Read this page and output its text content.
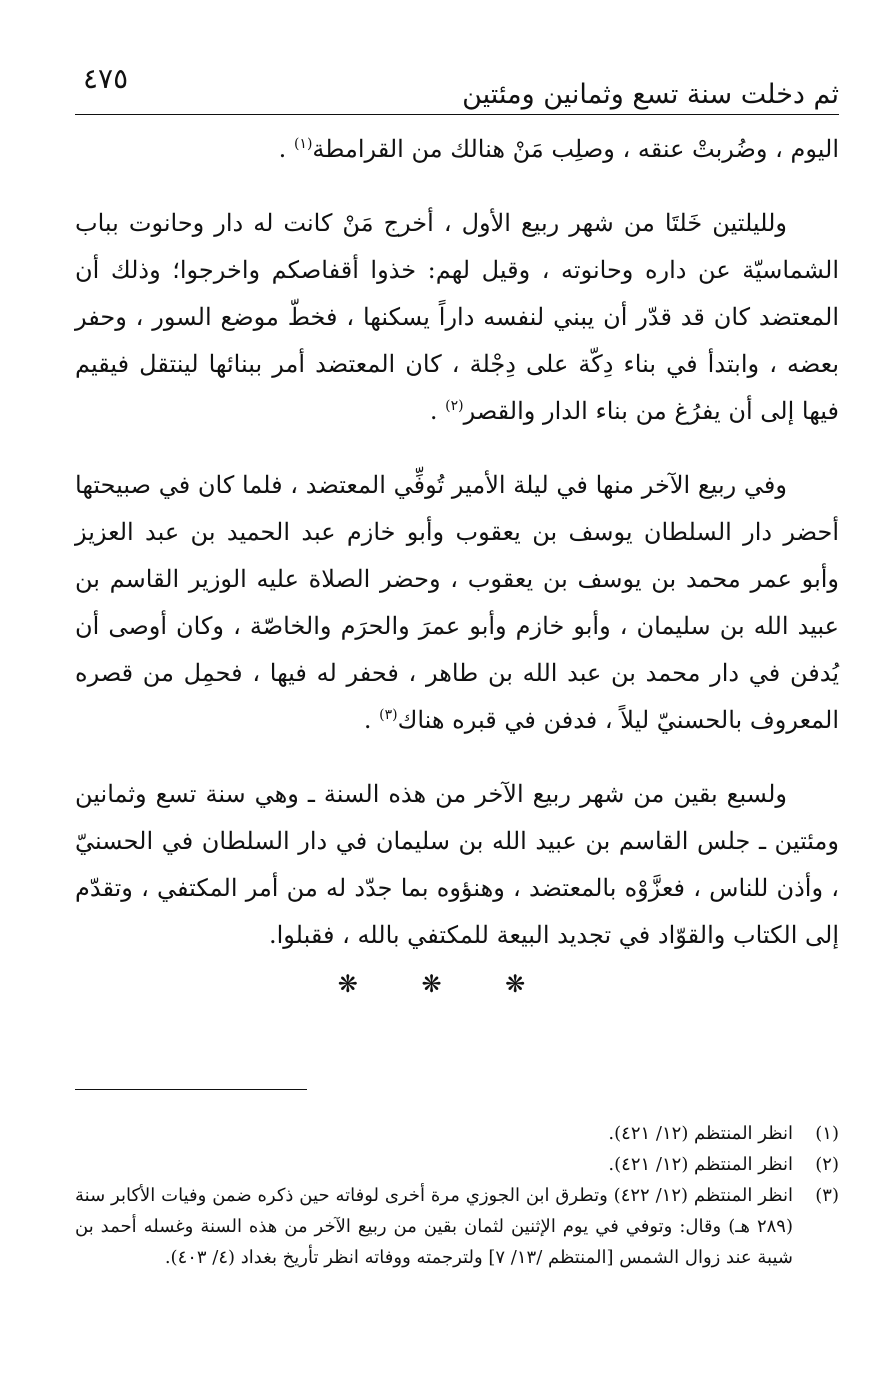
ثم دخلت سنة تسع وثمانين ومئتين
٤٧٥

اليوم ، وضُربتْ عنقه ، وصلِب مَنْ هنالك من القرامطة$^{(١)}$ .

ولليلتين خَلتَا من شهر ربيع الأول ، أخرج مَنْ كانت له دار وحانوت بباب الشماسيّة عن داره وحانوته ، وقيل لهم: خذوا أقفاصكم واخرجوا؛ وذلك أن المعتضد كان قد قدّر أن يبني لنفسه داراً يسكنها ، فخطّ موضع السور ، وحفر بعضه ، وابتدأ في بناء دِكّة على دِجْلة ، كان المعتضد أمر ببنائها لينتقل فيقيم فيها إلى أن يفرُغ من بناء الدار والقصر$^{(٢)}$ .

وفي ربيع الآخر منها في ليلة الأمير تُوفِّي المعتضد ، فلما كان في صبيحتها أحضر دار السلطان يوسف بن يعقوب وأبو خازم عبد الحميد بن عبد العزيز وأبو عمر محمد بن يوسف بن يعقوب ، وحضر الصلاة عليه الوزير القاسم بن عبيد الله بن سليمان ، وأبو خازم وأبو عمرَ والحرَم والخاصّة ، وكان أوصى أن يُدفن في دار محمد بن عبد الله بن طاهر ، فحفر له فيها ، فحمِل من قصره المعروف بالحسنيّ ليلاً ، فدفن في قبره هناك$^{(٣)}$ .

ولسبع بقين من شهر ربيع الآخر من هذه السنة ـ وهي سنة تسع وثمانين ومئتين ـ جلس القاسم بن عبيد الله بن سليمان في دار السلطان في الحسنيّ ، وأذن للناس ، فعزَّوْه بالمعتضد ، وهنؤوه بما جدّد له من أمر المكتفي ، وتقدّم إلى الكتاب والقوّاد في تجديد البيعة للمكتفي بالله ، فقبلوا.

❋ ❋ ❋
(١)
انظر المنتظم (١٢/ ٤٢١).
(٢)
انظر المنتظم (١٢/ ٤٢١).
(٣)
انظر المنتظم (١٢/ ٤٢٢) وتطرق ابن الجوزي مرة أخرى لوفاته حين ذكره ضمن وفيات الأكابر سنة (٢٨٩ هـ) وقال: وتوفي في يوم الإثنين لثمان بقين من ربيع الآخر من هذه السنة وغسله أحمد بن شيبة عند زوال الشمس [المنتظم /١٣/ ٧] ولترجمته ووفاته انظر تأريخ بغداد (٤/ ٤٠٣).
